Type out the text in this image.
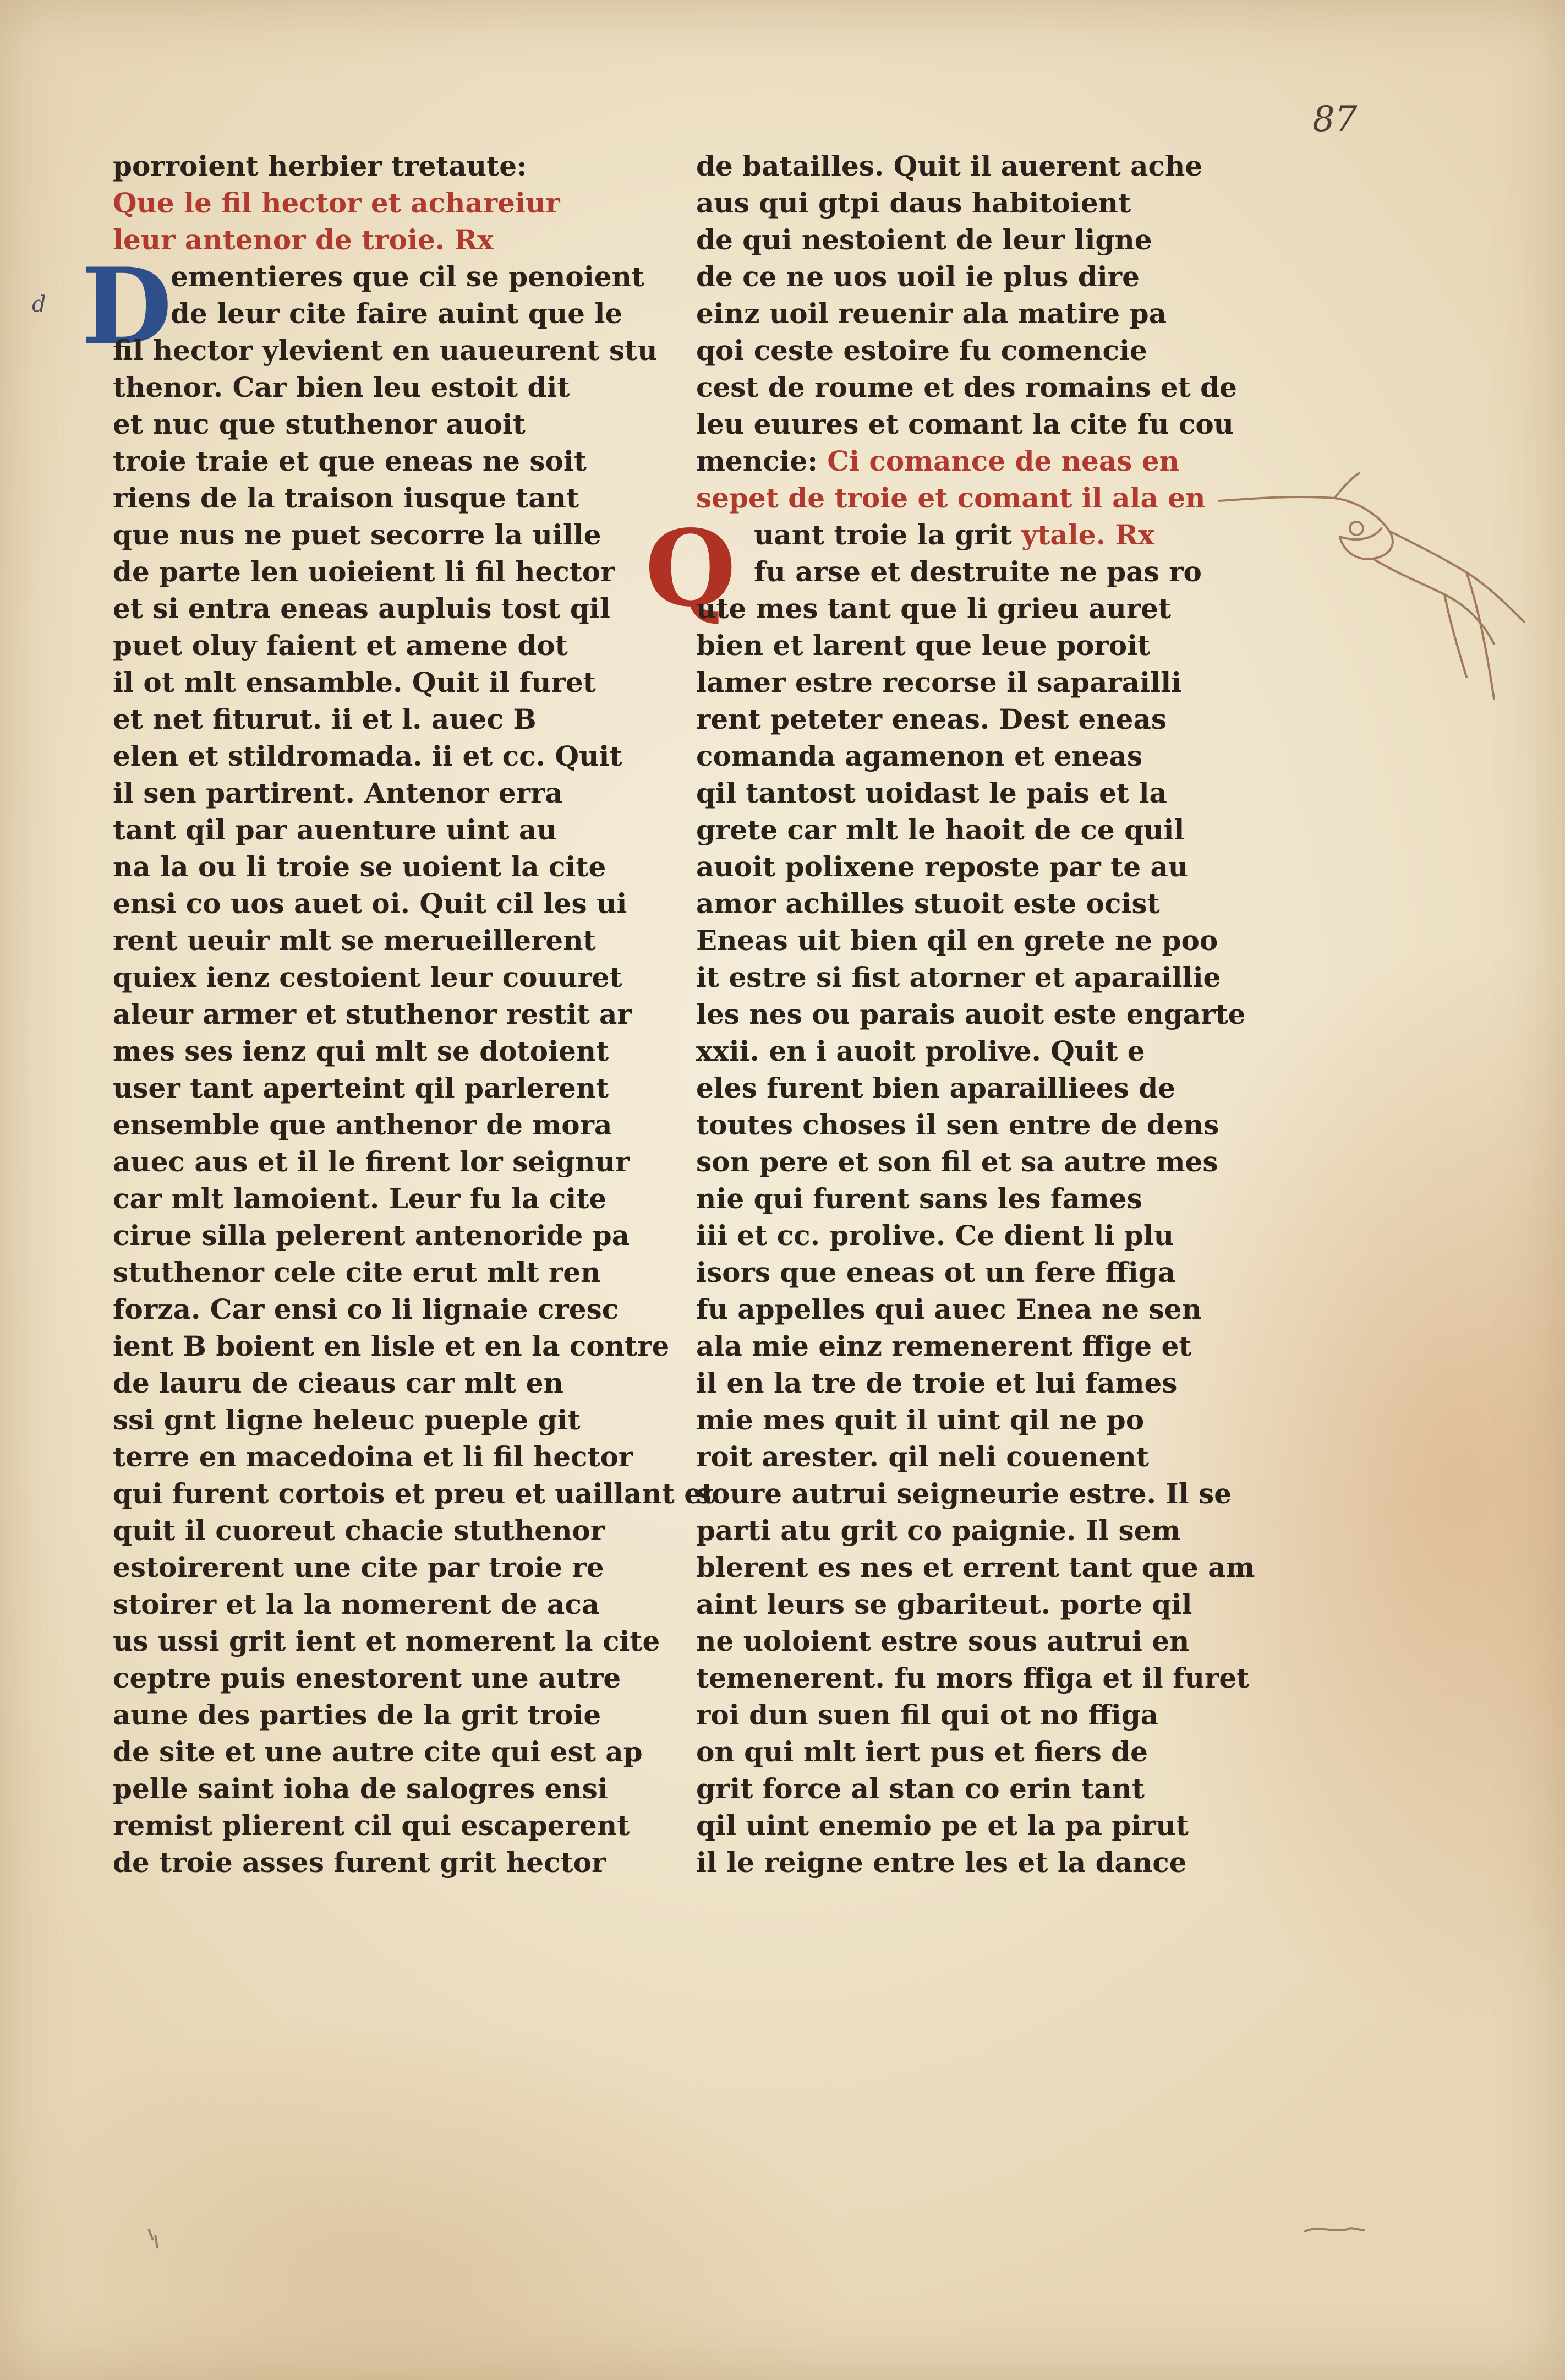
87
d D
Q
porroient herbier tretaute:
Que le fil hector et achareiur
leur antenor de troie. Rx
ementieres que cil se penoient
de leur cite faire auint que le
fil hector ylevient en uaueurent stu
thenor. Car bien leu estoit dit
et nuc que stuthenor auoit
troie traie et que eneas ne soit
riens de la traison iusque tant
que nus ne puet secorre la uille
de parte len uoieient li fil hector
et si entra eneas aupluis tost qil
puet oluy faient et amene dot
il ot mlt ensamble. Quit il furet
et net fiturut. ii et l. auec B
elen et stildromada. ii et cc. Quit
il sen partirent. Antenor erra
tant qil par auenture uint au
na la ou li troie se uoient la cite
ensi co uos auet oi. Quit cil les ui
rent ueuir mlt se merueillerent
quiex ienz cestoient leur couuret
aleur armer et stuthenor restit ar
mes ses ienz qui mlt se dotoient
user tant aperteint qil parlerent
ensemble que anthenor de mora
auec aus et il le firent lor seignur
car mlt lamoient. Leur fu la cite
cirue silla pelerent antenoride pa
stuthenor cele cite erut mlt ren
forza. Car ensi co li lignaie cresc
ient B boient en lisle et en la contre
de lauru de cieaus car mlt en
ssi gnt ligne heleuc pueple git
terre en macedoina et li fil hector
qui furent cortois et preu et uaillant et
quit il cuoreut chacie stuthenor
estoirerent une cite par troie re
stoirer et la la nomerent de aca
us ussi grit ient et nomerent la cite
ceptre puis enestorent une autre
aune des parties de la grit troie
de site et une autre cite qui est ap
pelle saint ioha de salogres ensi
remist plierent cil qui escaperent
de troie asses furent grit hector
de batailles. Quit il auerent ache
aus qui gtpi daus habitoient
de qui nestoient de leur ligne
de ce ne uos uoil ie plus dire
einz uoil reuenir ala matire pa
qoi ceste estoire fu comencie
cest de roume et des romains et de
leu euures et comant la cite fu cou
mencie: Ci comance de neas en
sepet de troie et comant il ala en
uant troie la grit ytale. Rx
fu arse et destruite ne pas ro
ute mes tant que li grieu auret
bien et larent que leue poroit
lamer estre recorse il saparailli
rent peteter eneas. Dest eneas
comanda agamenon et eneas
qil tantost uoidast le pais et la
grete car mlt le haoit de ce quil
auoit polixene reposte par te au
amor achilles stuoit este ocist
Eneas uit bien qil en grete ne poo
it estre si fist atorner et aparaillie
les nes ou parais auoit este engarte
xxii. en i auoit prolive. Quit e
eles furent bien aparailliees de
toutes choses il sen entre de dens
son pere et son fil et sa autre mes
nie qui furent sans les fames
iii et cc. prolive. Ce dient li plu
isors que eneas ot un fere ffiga
fu appelles qui auec Enea ne sen
ala mie einz remenerent ffige et
il en la tre de troie et lui fames
mie mes quit il uint qil ne po
roit arester. qil neli couenent
soure autrui seigneurie estre. Il se
parti atu grit co paignie. Il sem
blerent es nes et errent tant que am
aint leurs se gbariteut. porte qil
ne uoloient estre sous autrui en
temenerent. fu mors ffiga et il furet
roi dun suen fil qui ot no ffiga
on qui mlt iert pus et fiers de
grit force al stan co erin tant
qil uint enemio pe et la pa pirut
il le reigne entre les et la dance
